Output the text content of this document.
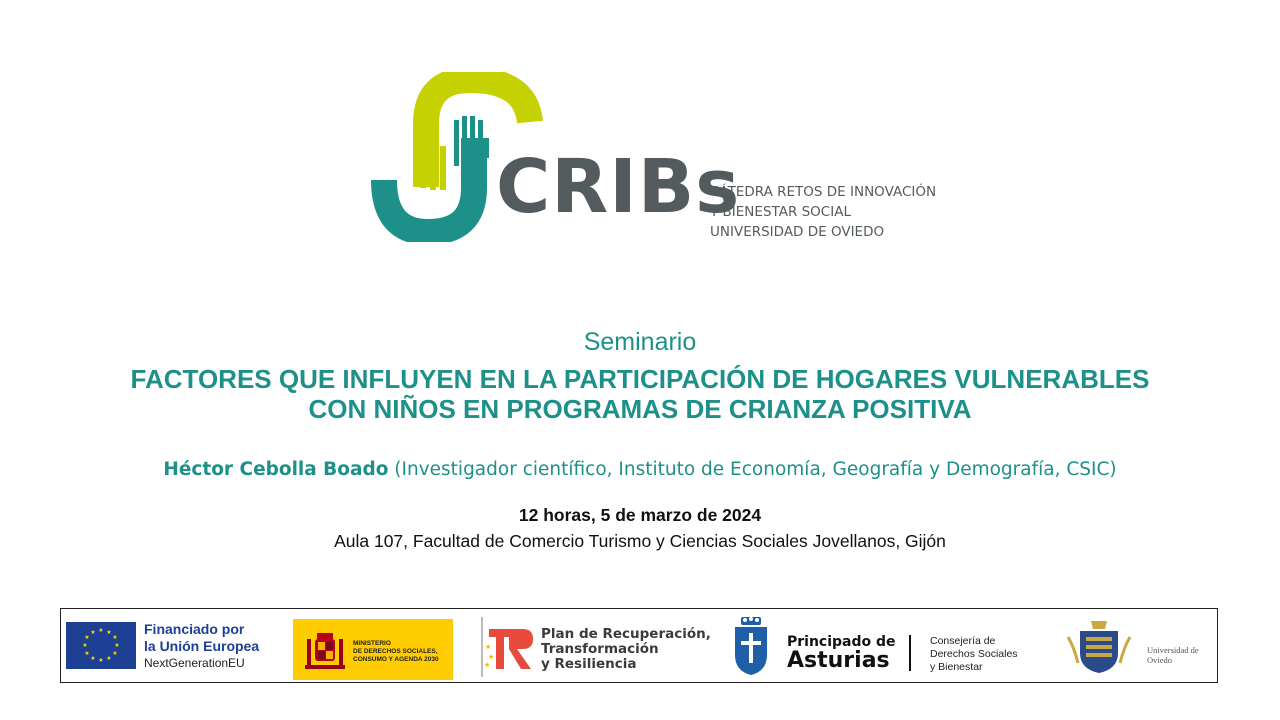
CRIBs
CÁTEDRA RETOS DE INNOVACIÓN
Y BIENESTAR SOCIAL
UNIVERSIDAD DE OVIEDO
Seminario
FACTORES QUE INFLUYEN EN LA PARTICIPACIÓN DE HOGARES VULNERABLES
CON NIÑOS EN PROGRAMAS DE CRIANZA POSITIVA
Héctor Cebolla Boado (Investigador científico, Instituto de Economía, Geografía y Demografía, CSIC)
12 horas, 5 de marzo de 2024
Aula 107, Facultad de Comercio Turismo y Ciencias Sociales Jovellanos, Gijón
★ ★
★
★
★
★
★
★
★
★
★
★	Financiado por
la Unión Europea
NextGenerationEU
MINISTERIO
DE DERECHOS SOCIALES,
CONSUMO Y AGENDA 2030
★
★
★
Plan de Recuperación,
Transformación
y Resiliencia
Principado de
Asturias
Consejería de
Derechos Sociales
y Bienestar
Universidad de
Oviedo
